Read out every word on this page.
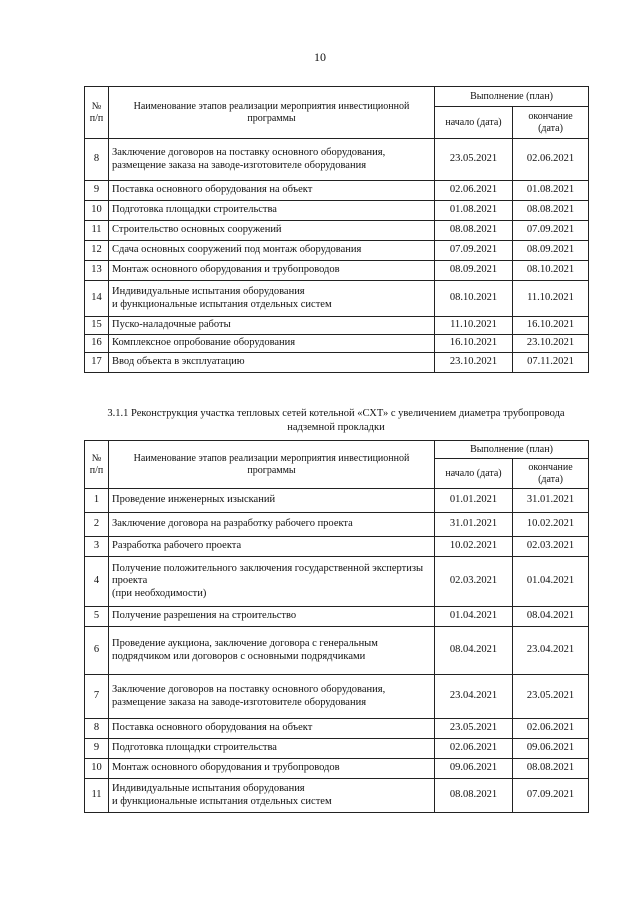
10
№ п/п	Наименование этапов реализации мероприятия инвестиционной программы	Выполнение (план)	
		начало (дата)	окончание (дата)
8	Заключение договоров на поставку основного оборудования, размещение заказа на заводе-изготовителе оборудования	23.05.2021	02.06.2021
9	Поставка основного оборудования на объект	02.06.2021	01.08.2021
10	Подготовка площадки строительства	01.08.2021	08.08.2021
11	Строительство основных сооружений	08.08.2021	07.09.2021
12	Сдача основных сооружений под монтаж оборудования	07.09.2021	08.09.2021
13	Монтаж основного оборудования и трубопроводов	08.09.2021	08.10.2021
14	Индивидуальные испытания оборудования
и функциональные испытания отдельных систем	08.10.2021	11.10.2021
15	Пуско-наладочные работы	11.10.2021	16.10.2021
16	Комплексное опробование оборудования	16.10.2021	23.10.2021
17	Ввод объекта в эксплуатацию	23.10.2021	07.11.2021
3.1.1 Реконструкция участка тепловых сетей котельной «СХТ» с увеличением диаметра трубопровода надземной прокладки
№ п/п	Наименование этапов реализации мероприятия инвестиционной программы	Выполнение (план)	
		начало (дата)	окончание (дата)
1	Проведение инженерных изысканий	01.01.2021	31.01.2021
2	Заключение договора на разработку рабочего проекта	31.01.2021	10.02.2021
3	Разработка рабочего проекта	10.02.2021	02.03.2021
4	Получение положительного заключения государственной экспертизы проекта
(при необходимости)	02.03.2021	01.04.2021
5	Получение разрешения на строительство	01.04.2021	08.04.2021
6	Проведение аукциона, заключение договора с генеральным подрядчиком или договоров с основными подрядчиками	08.04.2021	23.04.2021
7	Заключение договоров на поставку основного оборудования, размещение заказа на заводе-изготовителе оборудования	23.04.2021	23.05.2021
8	Поставка основного оборудования на объект	23.05.2021	02.06.2021
9	Подготовка площадки строительства	02.06.2021	09.06.2021
10	Монтаж основного оборудования и трубопроводов	09.06.2021	08.08.2021
11	Индивидуальные испытания оборудования
и функциональные испытания отдельных систем	08.08.2021	07.09.2021
